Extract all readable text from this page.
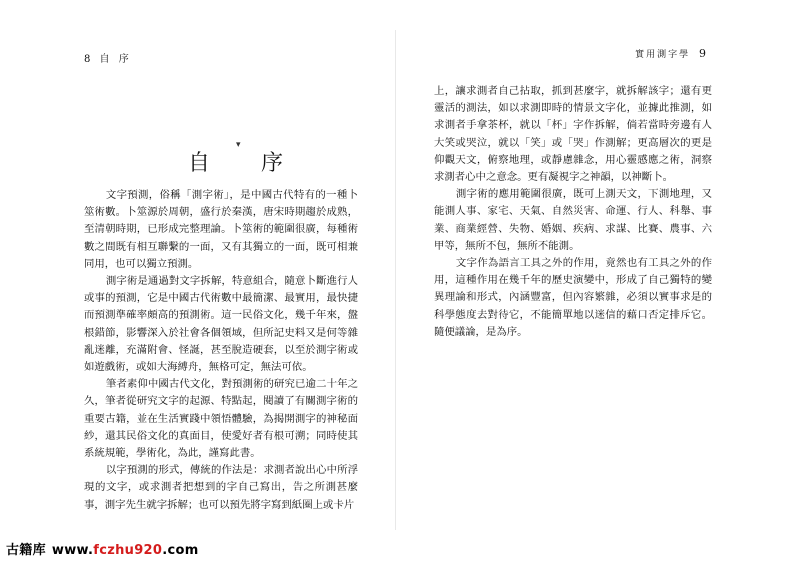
8 自 序
自 序
▾

文字預測，俗稱「測字術」，是中國古代特有的一種卜筮術數。卜筮源於周朝，盛行於秦漢，唐宋時期趨於成熟，至清朝時期，已形成完整理論。卜筮術的範圍很廣，每種術數之間既有相互聯繫的一面，又有其獨立的一面，既可相兼同用，也可以獨立預測。

測字術是通過對文字拆解，特意組合，隨意卜斷進行人或事的預測，它是中國古代術數中最簡潔、最實用，最快捷而預測準確率頗高的預測術。這一民俗文化，幾千年來，盤根錯節，影響深入於社會各個領域，但所記史料又是何等雜亂迷離，充滿附會、怪誕，甚至脫造硬套，以至於測字術或如遊戲術，或如大海縛舟，無格可定，無法可依。

筆者素仰中國古代文化，對預測術的研究已逾二十年之久，筆者從研究文字的起源、特點起，閱讀了有關測字術的重要古籍，並在生活實踐中領悟體驗，為揭開測字的神秘面紗，還其民俗文化的真面目，使愛好者有根可溯；同時使其系統規範，學術化，為此，謹寫此書。

以字預測的形式，傳統的作法是：求測者說出心中所浮現的文字，或求測者把想到的字自己寫出，告之所測甚麼事，測字先生就字拆解；也可以預先將字寫到紙圈上或卡片

實用測字學 9

上，讓求測者自己拈取，抓到甚麼字，就拆解該字；還有更靈活的測法，如以求測即時的情景文字化，並據此推測，如求測者手拿茶杯，就以「杯」字作拆解，倘若當時旁邊有人大笑或哭泣，就以「笑」或「哭」作測解；更高層次的更是仰觀天文，俯察地理，或靜慮雜念，用心靈感應之術，洞察求測者心中之意念。更有凝視字之神韻，以神斷卜。

測字術的應用範圍很廣，既可上測天文，下測地理，又能測人事、家宅、天氣、自然災害、命運、行人、科舉、事業、商業經營、失物、婚姻、疾病、求謀、比賽、農事、六甲等，無所不包，無所不能測。

文字作為語言工具之外的作用，竟然也有工具之外的作用，這種作用在幾千年的歷史演變中，形成了自己獨特的變異理論和形式，內涵豐富，但內容繁雜，必須以實事求是的科學態度去對待它，不能簡單地以迷信的藉口否定排斥它。隨便議論，是為序。

古籍库 www.fczhu920.com
